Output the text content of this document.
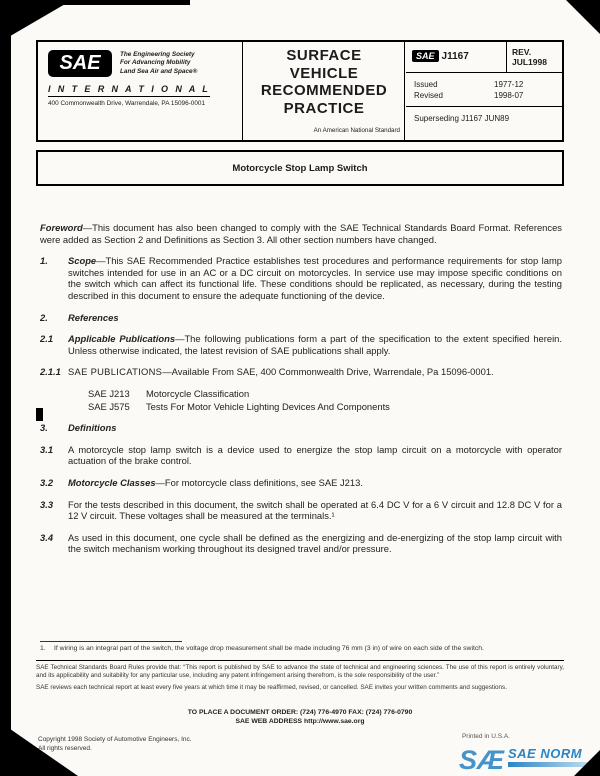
SAE	The Engineering Society
For Advancing Mobility
Land Sea Air and Space®
I N T E R N A T I O N A L
400 Commonwealth Drive, Warrendale, PA 15096-0001
SURFACE
VEHICLE
RECOMMENDED
PRACTICE
An American National Standard
SAE J1167	REV.
JUL1998
Issued	1977-12
Revised	1998-07
Superseding J1167 JUN89
Motorcycle Stop Lamp Switch
Foreword—This document has also been changed to comply with the SAE Technical Standards Board Format. References were added as Section 2 and Definitions as Section 3. All other section numbers have changed.
1.	Scope—This SAE Recommended Practice establishes test procedures and performance requirements for stop lamp switches intended for use in an AC or a DC circuit on motorcycles. In service use may impose specific conditions on the switch which can affect its functional life. These conditions should be replicated, as necessary, during the testing described in this document to ensure the adequate functioning of the device.
2.	References
2.1	Applicable Publications—The following publications form a part of the specification to the extent specified herein. Unless otherwise indicated, the latest revision of SAE publications shall apply.
2.1.1 SAE PUBLICATIONS—Available From SAE, 400 Commonwealth Drive, Warrendale, Pa 15096-0001.
SAE J213	Motorcycle Classification
SAE J575	Tests For Motor Vehicle Lighting Devices And Components
3.	Definitions
3.1	A motorcycle stop lamp switch is a device used to energize the stop lamp circuit on a motorcycle with operator actuation of the brake control.
3.2	Motorcycle Classes—For motorcycle class definitions, see SAE J213.
3.3	For the tests described in this document, the switch shall be operated at 6.4 DC V for a 6 V circuit and 12.8 DC V for a 12 V circuit. These voltages shall be measured at the terminals.¹
3.4	As used in this document, one cycle shall be defined as the energizing and de-energizing of the stop lamp circuit with the switch mechanism working throughout its designed travel and/or pressure.
1.	If wiring is an integral part of the switch, the voltage drop measurement shall be made including 76 mm (3 in) of wire on each side of the switch.

SAE Technical Standards Board Rules provide that: “This report is published by SAE to advance the state of technical and engineering sciences. The use of this report is entirely voluntary, and its applicability and suitability for any particular use, including any patent infringement arising therefrom, is the sole responsibility of the user.”

SAE reviews each technical report at least every five years at which time it may be reaffirmed, revised, or cancelled. SAE invites your written comments and suggestions.

TO PLACE A DOCUMENT ORDER: (724) 776-4970 FAX: (724) 776-0790
SAE WEB ADDRESS http://www.sae.org
Copyright 1998 Society of Automotive Engineers, Inc.
All rights reserved.
Printed in U.S.A.
SÆ SAE NORM
